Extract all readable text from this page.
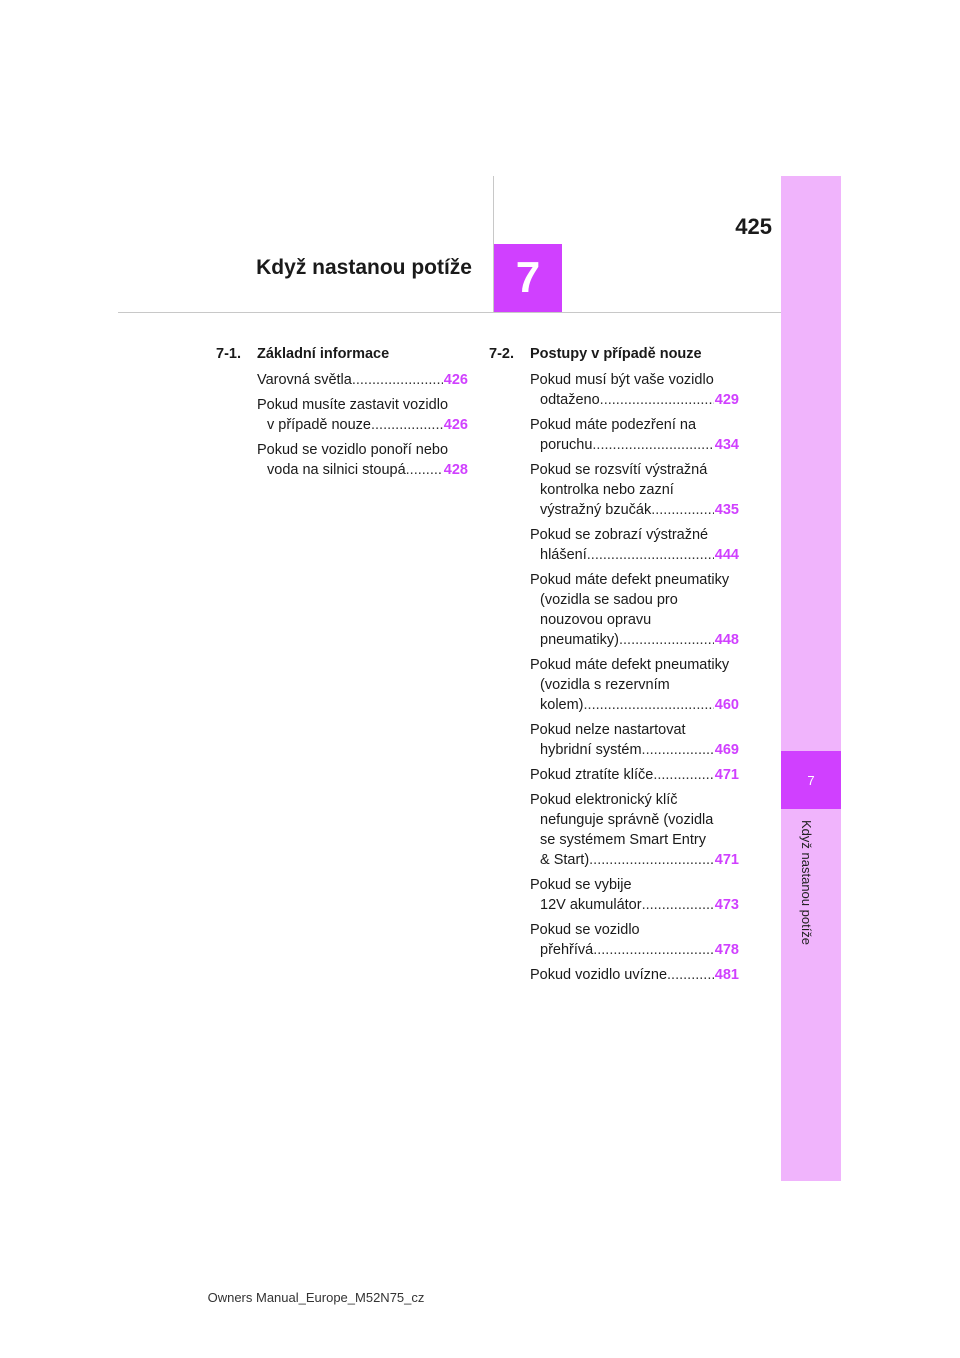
425
Když nastanou potíže 7
7
Když nastanou potíže
7-1.	Základní informace
Varovná světla .....	426
Pokud musíte zastavit vozidlo
v případě nouze .....	426
Pokud se vozidlo ponoří nebo
voda na silnici stoupá .....	428
7-2.	Postupy v případě nouze
Pokud musí být vaše vozidlo
odtaženo .....	429
Pokud máte podezření na
poruchu .....	434
Pokud se rozsvítí výstražná
kontrolka nebo zazní
výstražný bzučák .....	435
Pokud se zobrazí výstražné
hlášení .....	444
Pokud máte defekt pneumatiky
(vozidla se sadou pro
nouzovou opravu
pneumatiky) .....	448
Pokud máte defekt pneumatiky
(vozidla s rezervním
kolem) .....	460
Pokud nelze nastartovat
hybridní systém .....	469
Pokud ztratíte klíče .....	471
Pokud elektronický klíč
nefunguje správně (vozidla
se systémem Smart Entry
& Start) .....	471
Pokud se vybije
12V akumulátor .....	473
Pokud se vozidlo
přehřívá .....	478
Pokud vozidlo uvízne .....	481
Owners Manual_Europe_M52N75_cz
